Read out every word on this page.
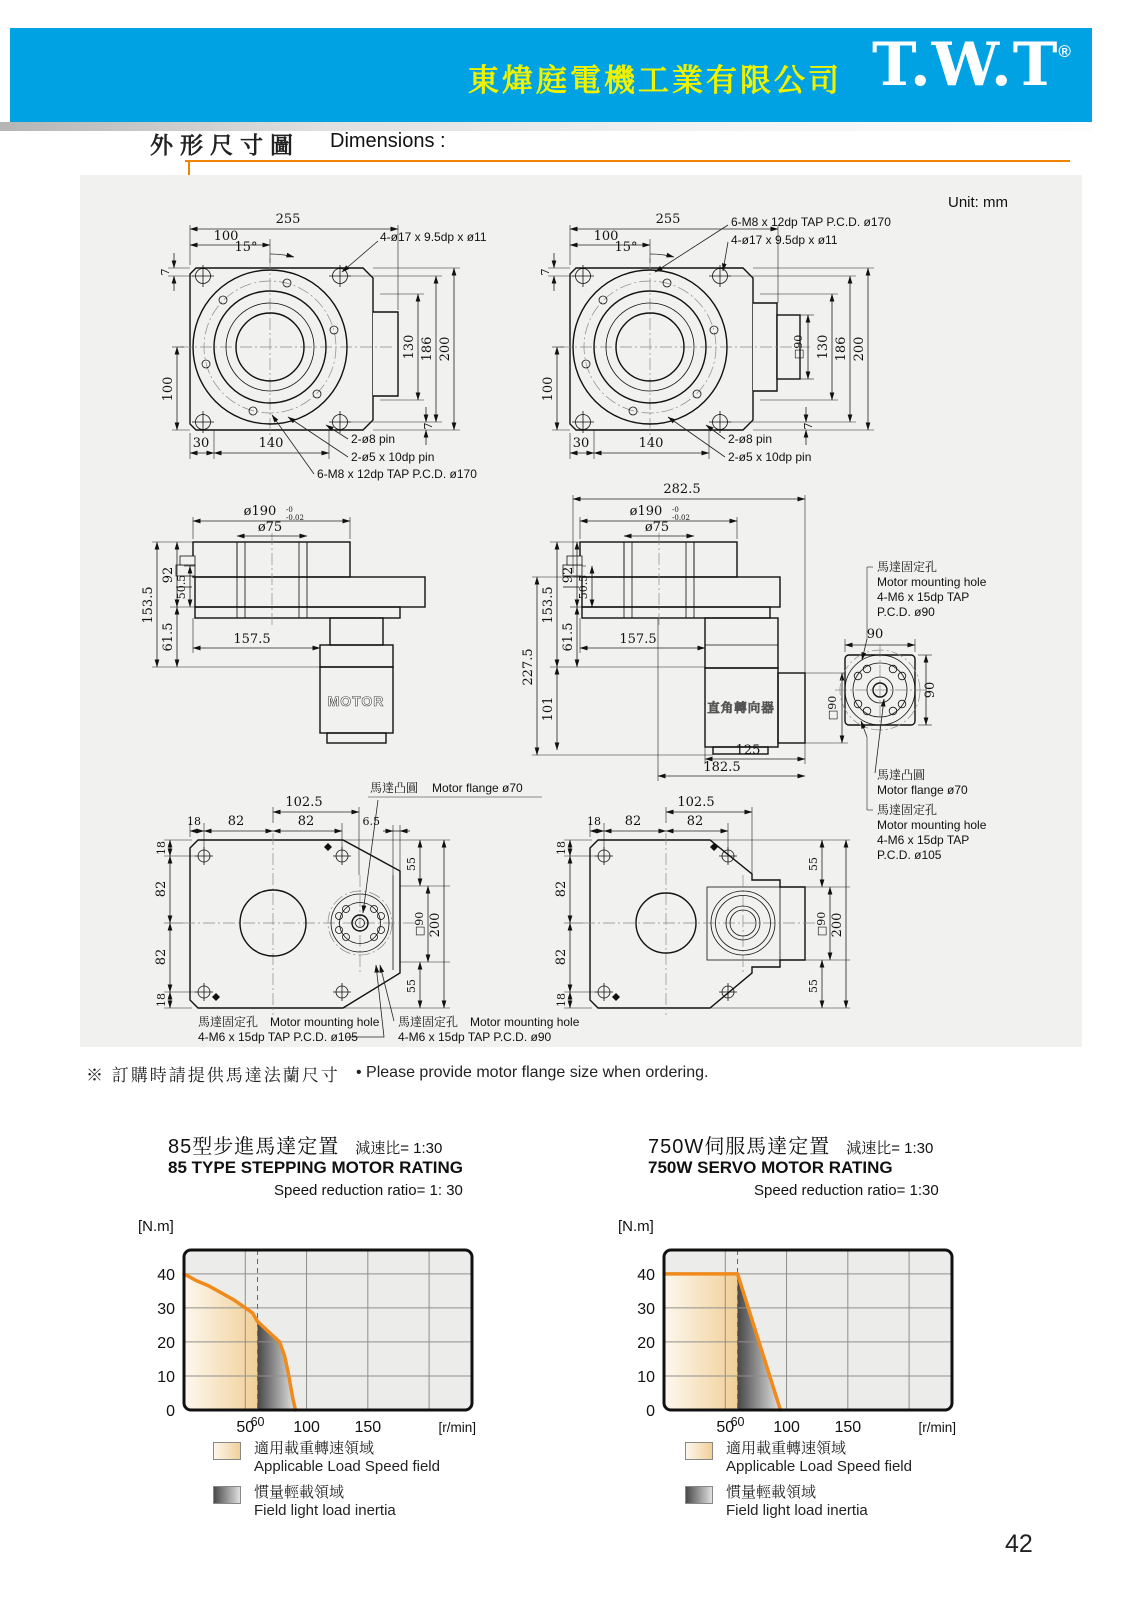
東煒庭電機工業有限公司 T.W.T®
外形尺寸圖 Dimensions :
255
100
15°
7
100
130 186 200
7
30	140
4-ø17 x 9.5dp x ø11
2-ø8 pin
2-ø5 x 10dp pin
6-M8 x 12dp TAP P.C.D. ø170
Unit: mm
255
100
15°
7
100
□90 130 186 200
7
30	140
6-M8 x 12dp TAP P.C.D. ø170
4-ø17 x 9.5dp x ø11
2-ø8 pin
2-ø5 x 10dp pin
MOTOR
ø190 -0
-0.02
ø75
153.5
92 50.5
61.5	157.5
直角轉向器
282.5
ø190 -0
-0.02
ø75
227.5
153.5
92 50.5
61.5
101
157.5
125
182.5
□90
90
90
馬達固定孔
Motor mounting hole
4-M6 x 15dp TAP
P.C.D. ø90
馬達凸圓
Motor flange ø70
馬達固定孔
Motor mounting hole
4-M6 x 15dp TAP
P.C.D. ø105
102.5
18 82	82	6.5
18
82
82
18
55
□90 200
55
馬達凸圓 Motor flange ø70
馬達固定孔 Motor mounting hole
4-M6 x 15dp TAP P.C.D. ø105
馬達固定孔 Motor mounting hole
4-M6 x 15dp TAP P.C.D. ø90
102.5
18 82	82
18
82
82
18
55
□90 200
55
※ 訂購時請提供馬達法蘭尺寸 • Please provide motor flange size when ordering.
85型步進馬達定置 減速比= 1:30
85 TYPE STEPPING MOTOR RATING
Speed reduction ratio= 1: 30
[N.m]
750W伺服馬達定置 減速比= 1:30
750W SERVO MOTOR RATING
Speed reduction ratio= 1:30
[N.m]
0
10
20
30
40
50
60 100 150	[r/min]
0
10
20
30
40
50
60 100 150	[r/min]
適用載重轉速領域
Applicable Load Speed field
慣量輕載領域
Field light load inertia
適用載重轉速領域
Applicable Load Speed field
慣量輕載領域
Field light load inertia
42
